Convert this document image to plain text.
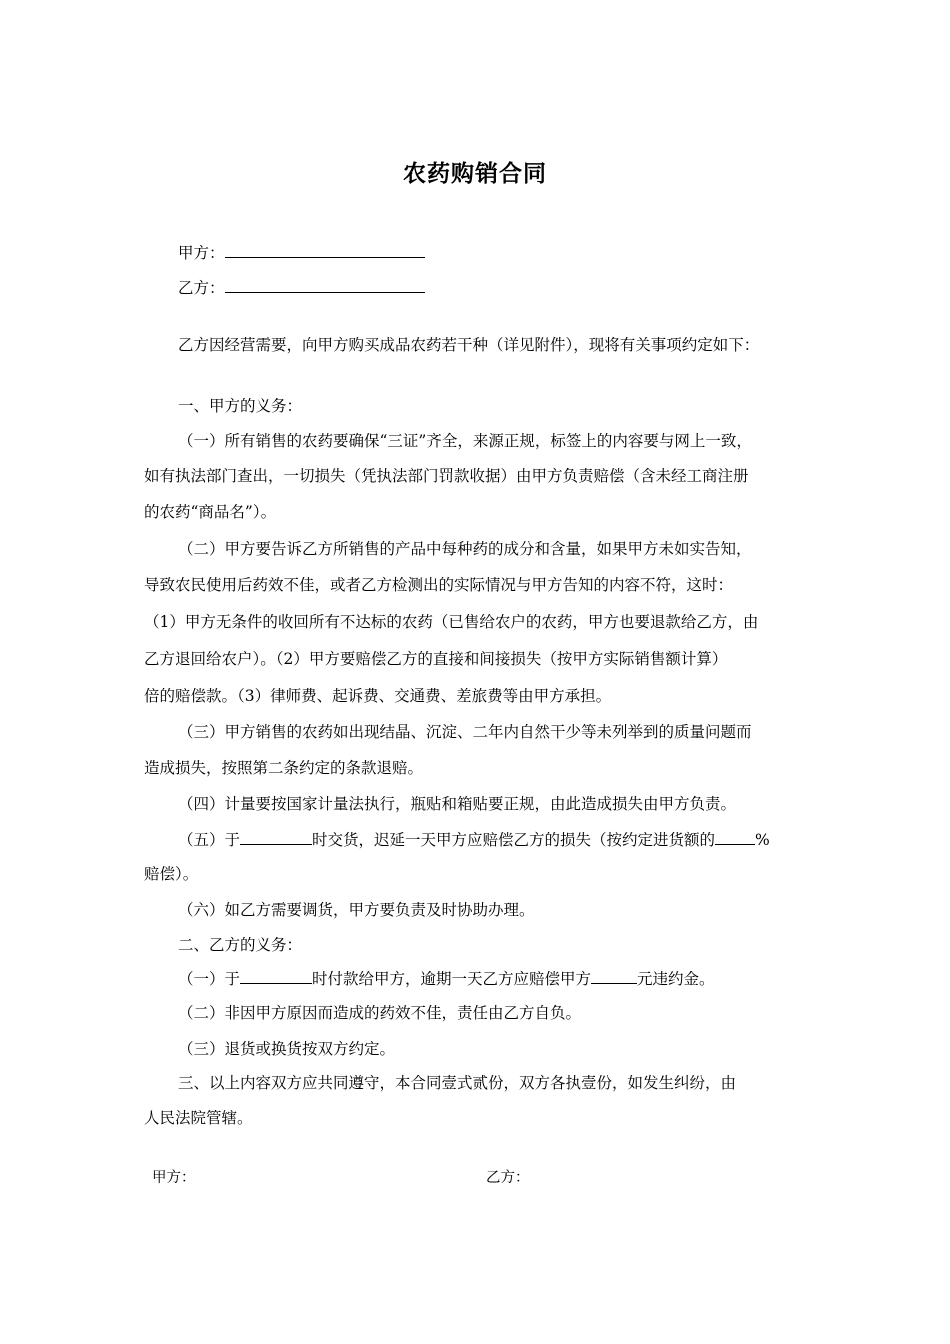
农药购销合同
甲方：
乙方：
乙方因经营需要，向甲方购买成品农药若干种（详见附件），现将有关事项约定如下：
一、甲方的义务：
（一）所有销售的农药要确保“三证”齐全，来源正规，标签上的内容要与网上一致，
如有执法部门查出，一切损失（凭执法部门罚款收据）由甲方负责赔偿（含未经工商注册
的农药“商品名”）。
（二）甲方要告诉乙方所销售的产品中每种药的成分和含量，如果甲方未如实告知，
导致农民使用后药效不佳，或者乙方检测出的实际情况与甲方告知的内容不符，这时：
（1）甲方无条件的收回所有不达标的农药（已售给农户的农药，甲方也要退款给乙方，由
乙方退回给农户）。（2）甲方要赔偿乙方的直接和间接损失（按甲方实际销售额计算）
倍的赔偿款。（3）律师费、起诉费、交通费、差旅费等由甲方承担。
（三）甲方销售的农药如出现结晶、沉淀、二年内自然干少等未列举到的质量问题而
造成损失，按照第二条约定的条款退赔。
（四）计量要按国家计量法执行，瓶贴和箱贴要正规，由此造成损失由甲方负责。
（五）于	时交货，迟延一天甲方应赔偿乙方的损失（按约定进货额的	%
赔偿）。
（六）如乙方需要调货，甲方要负责及时协助办理。
二、乙方的义务：
（一）于	时付款给甲方，逾期一天乙方应赔偿甲方	元违约金。
（二）非因甲方原因而造成的药效不佳，责任由乙方自负。
（三）退货或换货按双方约定。
三、以上内容双方应共同遵守，本合同壹式贰份，双方各执壹份，如发生纠纷，由
人民法院管辖。
甲方：	乙方：
